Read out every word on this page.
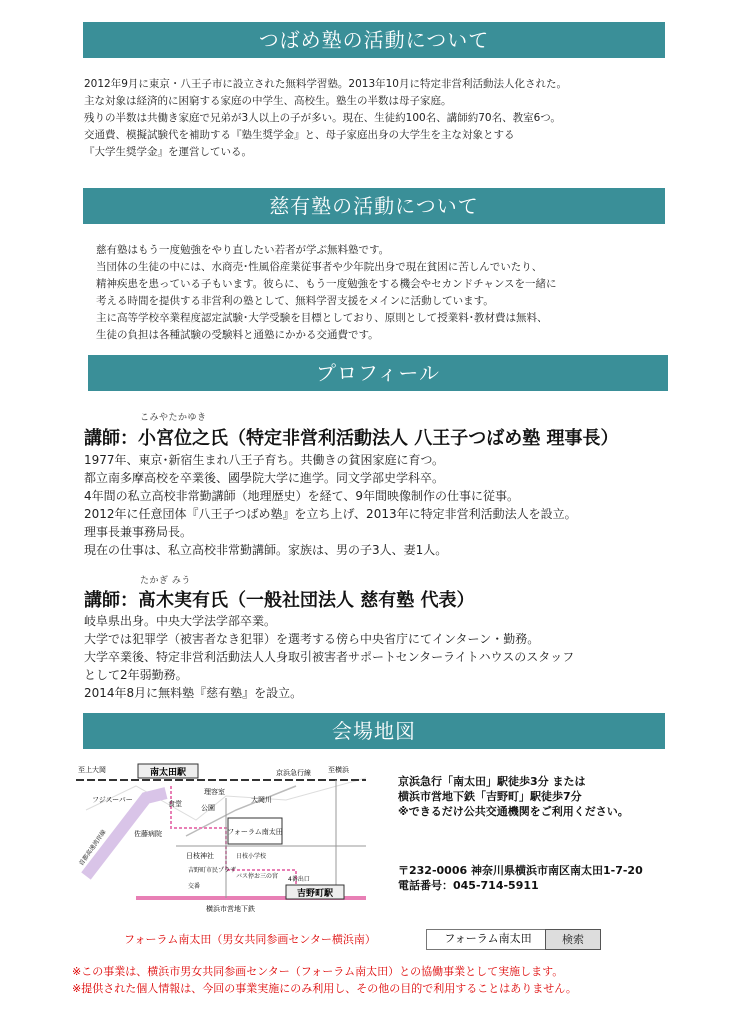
つばめ塾の活動について
2012年9月に東京・八王子市に設立された無料学習塾。2013年10月に特定非営利活動法人化された。
主な対象は経済的に困窮する家庭の中学生、高校生。塾生の半数は母子家庭。
残りの半数は共働き家庭で兄弟が3人以上の子が多い。現在、生徒約100名、講師約70名、教室6つ。
交通費、模擬試験代を補助する『塾生奨学金』と、母子家庭出身の大学生を主な対象とする
『大学生奨学金』を運営している。
慈有塾の活動について
慈有塾はもう一度勉強をやり直したい若者が学ぶ無料塾です。
当団体の生徒の中には、水商売･性風俗産業従事者や少年院出身で現在貧困に苦しんでいたり、
精神疾患を患っている子もいます。彼らに、もう一度勉強をする機会やセカンドチャンスを一緒に
考える時間を提供する非営利の塾として、無料学習支援をメインに活動しています。
主に高等学校卒業程度認定試験･大学受験を目標としており、原則として授業料･教材費は無料、
生徒の負担は各種試験の受験料と通塾にかかる交通費です。
プロフィール
こみやたかゆき
講師：小宮位之氏（特定非営利活動法人 八王子つばめ塾 理事長）
1977年、東京･新宿生まれ八王子育ち。共働きの貧困家庭に育つ。
都立南多摩高校を卒業後、國學院大学に進学。同文学部史学科卒。
4年間の私立高校非常勤講師（地理歴史）を経て、9年間映像制作の仕事に従事。
2012年に任意団体『八王子つばめ塾』を立ち上げ、2013年に特定非営利活動法人を設立。
理事長兼事務局長。
現在の仕事は、私立高校非常勤講師。家族は、男の子3人、妻1人。
たかぎ みう
講師：髙木実有氏（一般社団法人 慈有塾 代表）
岐阜県出身。中央大学法学部卒業。
大学では犯罪学（被害者なき犯罪）を選考する傍ら中央省庁にてインターン・勤務。
大学卒業後、特定非営利活動法人人身取引被害者サポートセンターライトハウスのスタッフ
として2年弱勤務。
2014年8月に無料塾『慈有塾』を設立。
会場地図
南太田駅
吉野町駅
至上大岡	至横浜
京浜急行線
横浜市営地下鉄
大岡川
首都高速湾岸線
理容室
フジスーパー	食堂	公園
佐藤病院
日枝神社	日枝小学校
吉野町市民プラザ
バス停お三の宮
交番
4番出口
フォーラム南太田
京浜急行「南太田」駅徒歩3分 または
横浜市営地下鉄「吉野町」駅徒歩7分
※できるだけ公共交通機関をご利用ください。
〒232-0006 神奈川県横浜市南区南太田1-7-20
電話番号：045-714-5911
フォーラム南太田（男女共同参画センター横浜南）
フォーラム南太田	検索
※この事業は、横浜市男女共同参画センター（フォーラム南太田）との協働事業として実施します。
※提供された個人情報は、今回の事業実施にのみ利用し、その他の目的で利用することはありません。
